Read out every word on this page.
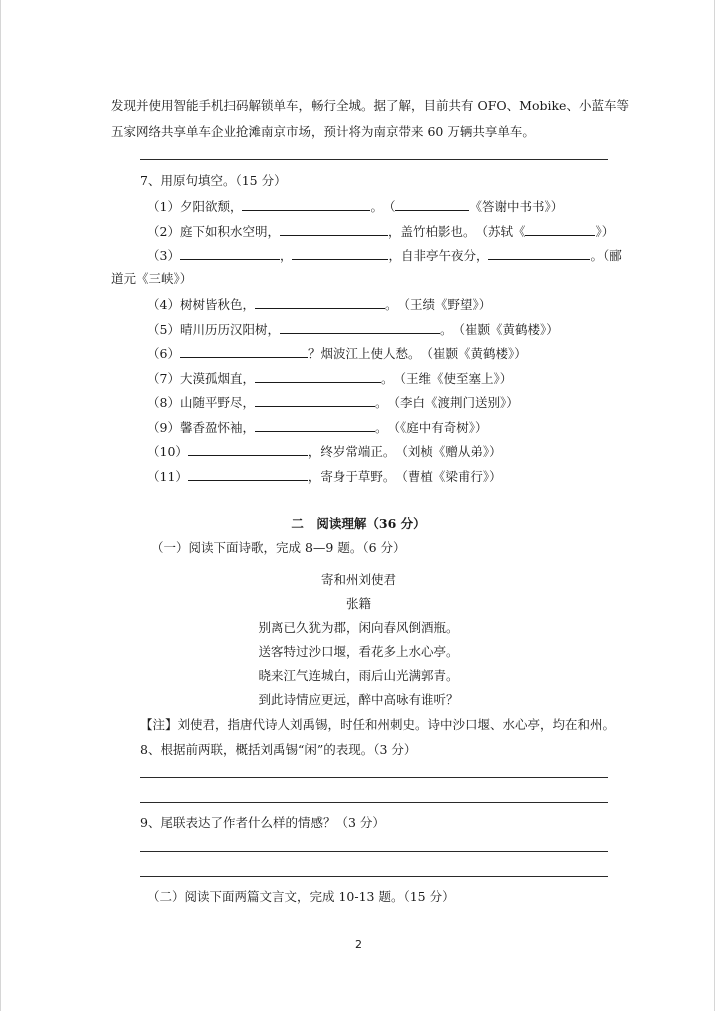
发现并使用智能手机扫码解锁单车，畅行全城。据了解，目前共有 OFO、Mobike、小蓝车等
五家网络共享单车企业抢滩南京市场，预计将为南京带来 60 万辆共享单车。
7、用原句填空。（15 分）
（1）夕阳欲颓，	。　（	《答谢中书书》）
（2）庭下如积水空明，	，盖竹柏影也。　（苏轼《	》）
（3）	，	，自非亭午夜分，	。（郦
道元《三峡》）
（4）树树皆秋色，	。　（王绩《野望》）
（5）晴川历历汉阳树，	。　（崔颢《黄鹤楼》）
（6）	？烟波江上使人愁。　（崔颢《黄鹤楼》）
（7）大漠孤烟直，	。　（王维《使至塞上》）
（8）山随平野尽，	。　（李白《渡荆门送别》）
（9）馨香盈怀袖，	。　（《庭中有奇树》）
（10）	，终岁常端正。　（刘桢《赠从弟》）
（11）	，寄身于草野。　（曹植《梁甫行》）
二　阅读理解（36 分）
（一）阅读下面诗歌，完成 8—9 题。（6 分）
寄和州刘使君
张籍
别离已久犹为郡，闲向春风倒酒瓶。
送客特过沙口堰，看花多上水心亭。
晓来江气连城白，雨后山光满郭青。
到此诗情应更远，醉中高咏有谁听？
【注】刘使君，指唐代诗人刘禹锡，时任和州刺史。诗中沙口堰、水心亭，均在和州。
8、根据前两联，概括刘禹锡“闲”的表现。（3 分）
9、尾联表达了作者什么样的情感？（3 分）
（二）阅读下面两篇文言文，完成 10-13 题。（15 分）
2
